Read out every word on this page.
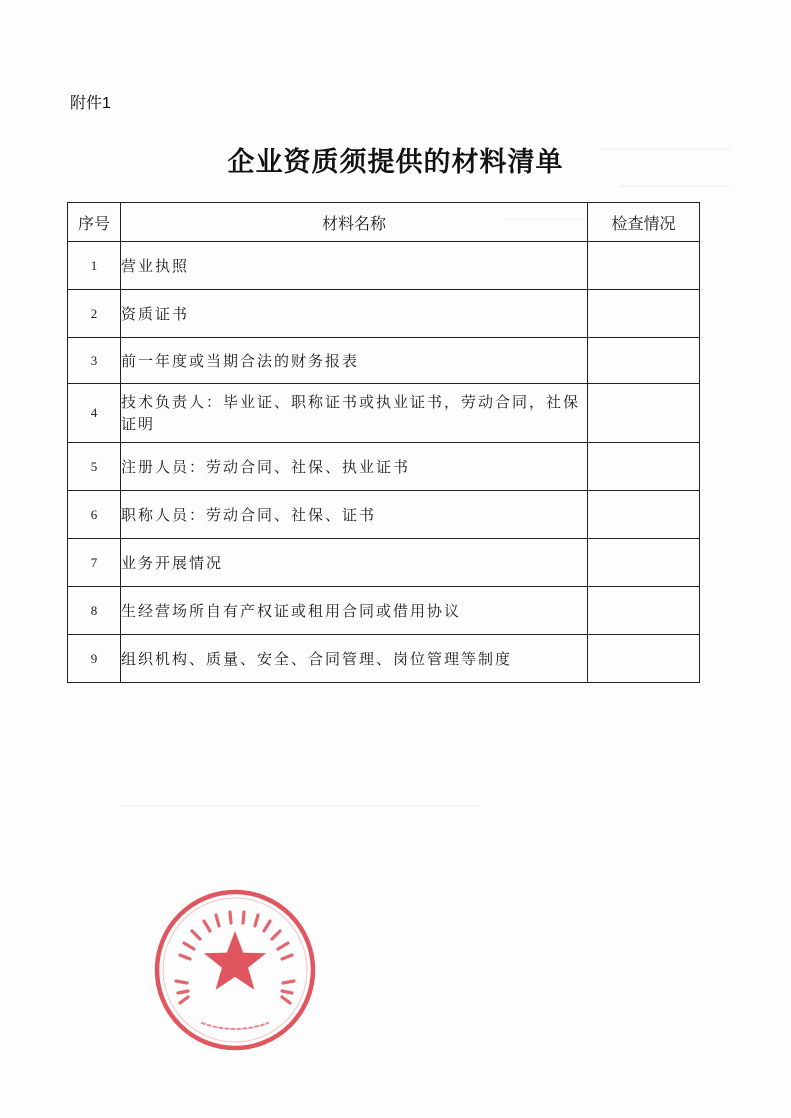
附件1
企业资质须提供的材料清单
序号	材料名称	检查情况
1	营业执照	
2	资质证书	
3	前一年度或当期合法的财务报表	
4	技术负责人：毕业证、职称证书或执业证书，劳动合同，社保证明	
5	注册人员：劳动合同、社保、执业证书	
6	职称人员：劳动合同、社保、证书	
7	业务开展情况	
8	生经营场所自有产权证或租用合同或借用协议	
9	组织机构、质量、安全、合同管理、岗位管理等制度	
